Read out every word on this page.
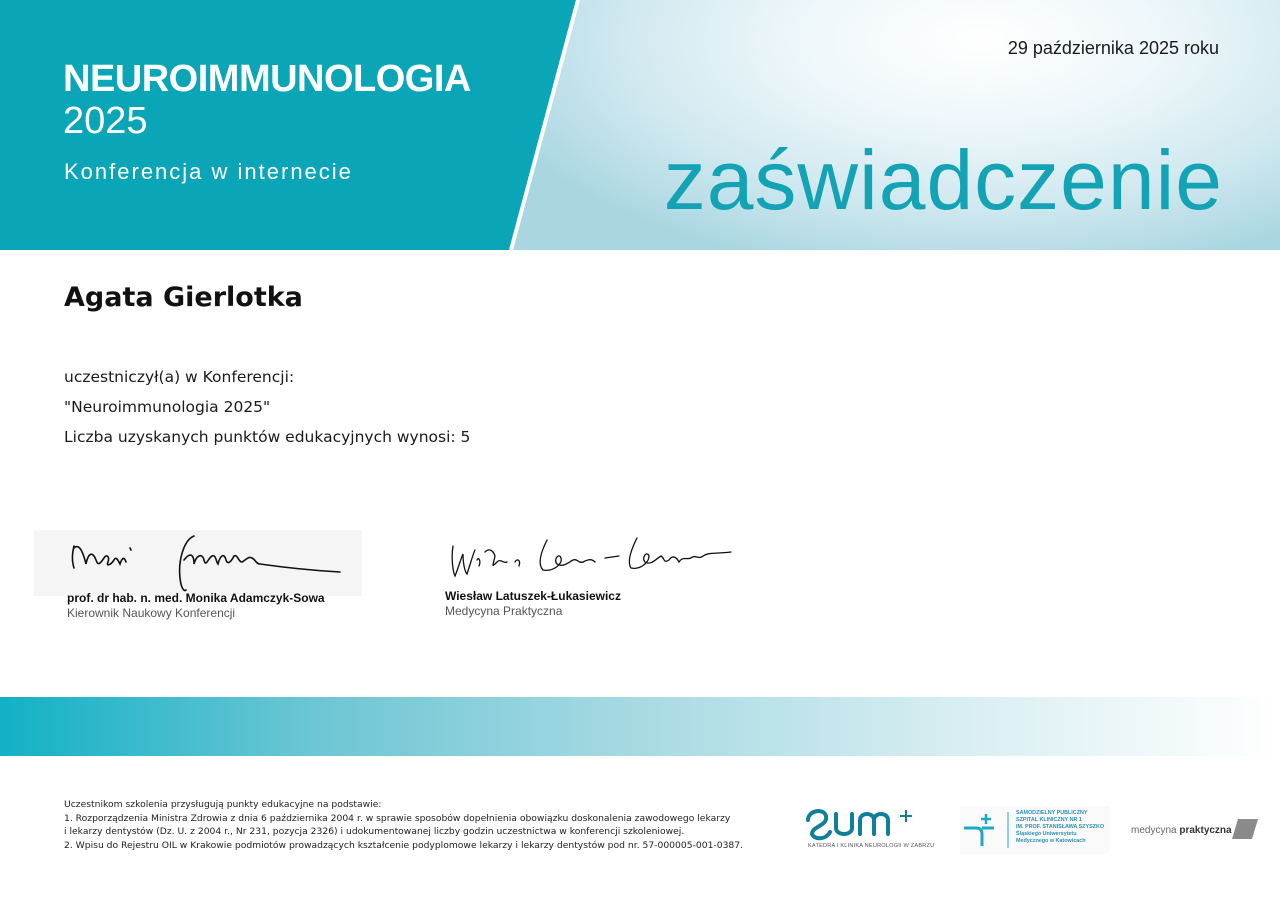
NEUROIMMUNOLOGIA
2025
Konferencja w internecie
29 października 2025 roku
zaświadczenie
Agata Gierlotka
uczestniczył(a) w Konferencji:
"Neuroimmunologia 2025"
Liczba uzyskanych punktów edukacyjnych wynosi: 5
prof. dr hab. n. med. Monika Adamczyk-Sowa
Kierownik Naukowy Konferencji
Wiesław Latuszek-Łukasiewicz
Medycyna Praktyczna
Uczestnikom szkolenia przysługują punkty edukacyjne na podstawie:
1. Rozporządzenia Ministra Zdrowia z dnia 6 października 2004 r. w sprawie sposobów dopełnienia obowiązku doskonalenia zawodowego lekarzy
i lekarzy dentystów (Dz. U. z 2004 r., Nr 231, pozycja 2326) i udokumentowanej liczby godzin uczestnictwa w konferencji szkoleniowej.
2. Wpisu do Rejestru OIL w Krakowie podmiotów prowadzących kształcenie podyplomowe lekarzy i lekarzy dentystów pod nr. 57-000005-001-0387.	KATEDRA I KLINIKA NEUROLOGII W ZABRZU
SAMODZIELNY PUBLICZNY
SZPITAL KLINICZNY NR 1
IM. PROF. STANISŁAWA SZYSZKO
Śląskiego Uniwersytetu
Medycznego w Katowicach
medycyna praktyczna
